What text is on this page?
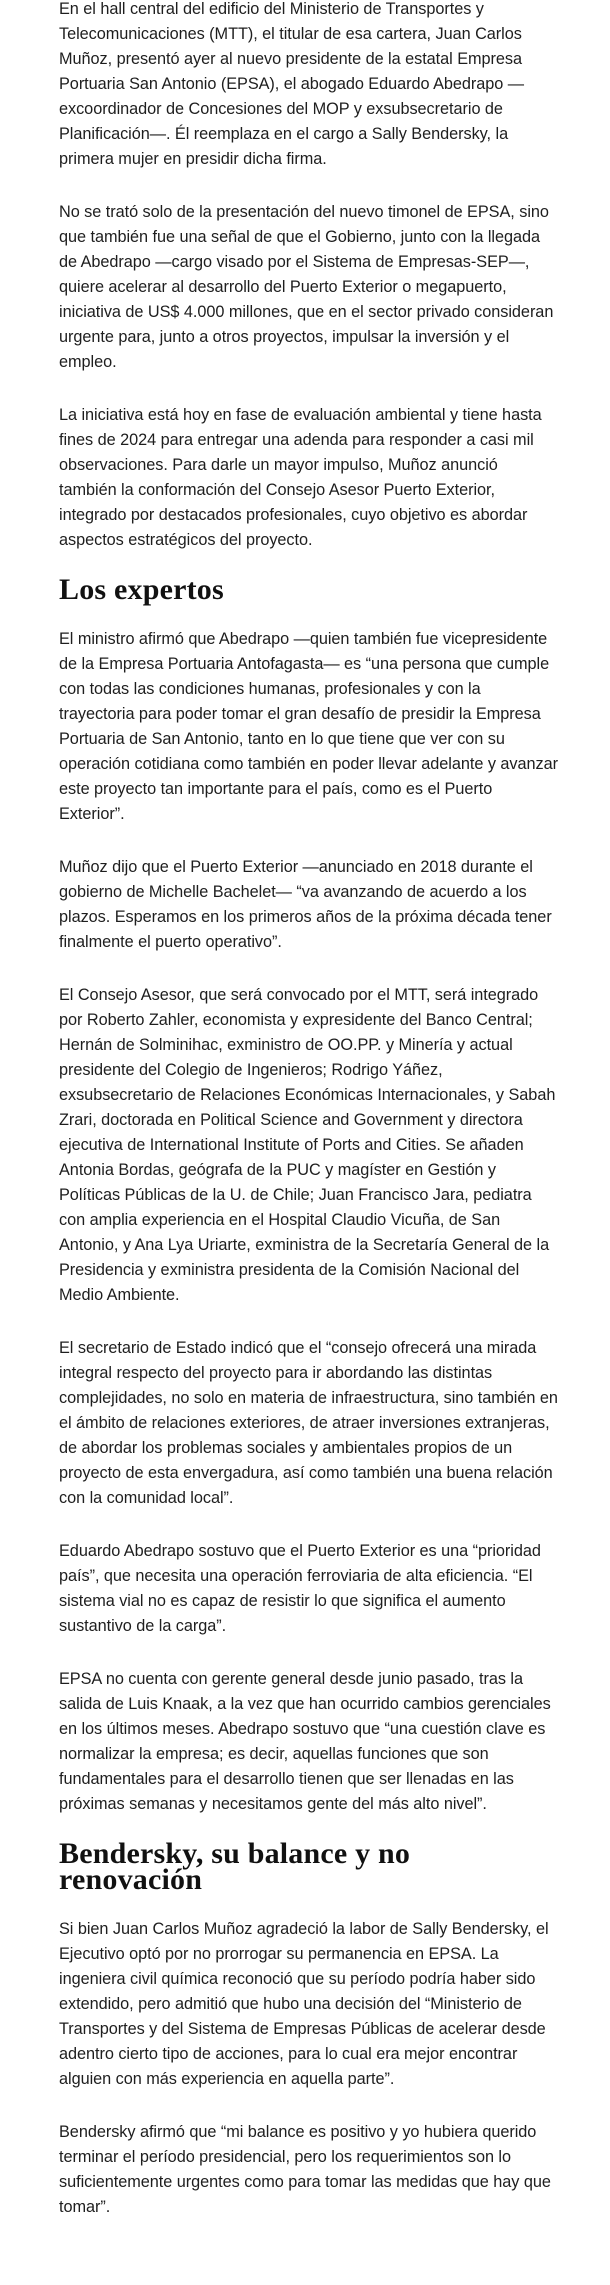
En el hall central del edificio del Ministerio de Transportes y Telecomunicaciones (MTT), el titular de esa cartera, Juan Carlos Muñoz, presentó ayer al nuevo presidente de la estatal Empresa Portuaria San Antonio (EPSA), el abogado Eduardo Abedrapo —excoordinador de Concesiones del MOP y exsubsecretario de Planificación—. Él reemplaza en el cargo a Sally Bendersky, la primera mujer en presidir dicha firma.

No se trató solo de la presentación del nuevo timonel de EPSA, sino que también fue una señal de que el Gobierno, junto con la llegada de Abedrapo —cargo visado por el Sistema de Empresas-SEP—, quiere acelerar al desarrollo del Puerto Exterior o megapuerto, iniciativa de US$ 4.000 millones, que en el sector privado consideran urgente para, junto a otros proyectos, impulsar la inversión y el empleo.

La iniciativa está hoy en fase de evaluación ambiental y tiene hasta fines de 2024 para entregar una adenda para responder a casi mil observaciones. Para darle un mayor impulso, Muñoz anunció también la conformación del Consejo Asesor Puerto Exterior, integrado por destacados profesionales, cuyo objetivo es abordar aspectos estratégicos del proyecto.

Los expertos

El ministro afirmó que Abedrapo —quien también fue vicepresidente de la Empresa Portuaria Antofagasta— es “una persona que cumple con todas las condiciones humanas, profesionales y con la trayectoria para poder tomar el gran desafío de presidir la Empresa Portuaria de San Antonio, tanto en lo que tiene que ver con su operación cotidiana como también en poder llevar adelante y avanzar este proyecto tan importante para el país, como es el Puerto Exterior”.

Muñoz dijo que el Puerto Exterior —anunciado en 2018 durante el gobierno de Michelle Bachelet— “va avanzando de acuerdo a los plazos. Esperamos en los primeros años de la próxima década tener finalmente el puerto operativo”.

El Consejo Asesor, que será convocado por el MTT, será integrado por Roberto Zahler, economista y expresidente del Banco Central; Hernán de Solminihac, exministro de OO.PP. y Minería y actual presidente del Colegio de Ingenieros; Rodrigo Yáñez, exsubsecretario de Relaciones Económicas Internacionales, y Sabah Zrari, doctorada en Political Science and Government y directora ejecutiva de International Institute of Ports and Cities. Se añaden Antonia Bordas, geógrafa de la PUC y magíster en Gestión y Políticas Públicas de la U. de Chile; Juan Francisco Jara, pediatra con amplia experiencia en el Hospital Claudio Vicuña, de San Antonio, y Ana Lya Uriarte, exministra de la Secretaría General de la Presidencia y exministra presidenta de la Comisión Nacional del Medio Ambiente.

El secretario de Estado indicó que el “consejo ofrecerá una mirada integral respecto del proyecto para ir abordando las distintas complejidades, no solo en materia de infraestructura, sino también en el ámbito de relaciones exteriores, de atraer inversiones extranjeras, de abordar los problemas sociales y ambientales propios de un proyecto de esta envergadura, así como también una buena relación con la comunidad local”.

Eduardo Abedrapo sostuvo que el Puerto Exterior es una “prioridad país”, que necesita una operación ferroviaria de alta eficiencia. “El sistema vial no es capaz de resistir lo que significa el aumento sustantivo de la carga”.

EPSA no cuenta con gerente general desde junio pasado, tras la salida de Luis Knaak, a la vez que han ocurrido cambios gerenciales en los últimos meses. Abedrapo sostuvo que “una cuestión clave es normalizar la empresa; es decir, aquellas funciones que son fundamentales para el desarrollo tienen que ser llenadas en las próximas semanas y necesitamos gente del más alto nivel”.

Bendersky, su balance y no renovación

Si bien Juan Carlos Muñoz agradeció la labor de Sally Bendersky, el Ejecutivo optó por no prorrogar su permanencia en EPSA. La ingeniera civil química reconoció que su período podría haber sido extendido, pero admitió que hubo una decisión del “Ministerio de Transportes y del Sistema de Empresas Públicas de acelerar desde adentro cierto tipo de acciones, para lo cual era mejor encontrar alguien con más experiencia en aquella parte”.

Bendersky afirmó que “mi balance es positivo y yo hubiera querido terminar el período presidencial, pero los requerimientos son lo suficientemente urgentes como para tomar las medidas que hay que tomar”.
